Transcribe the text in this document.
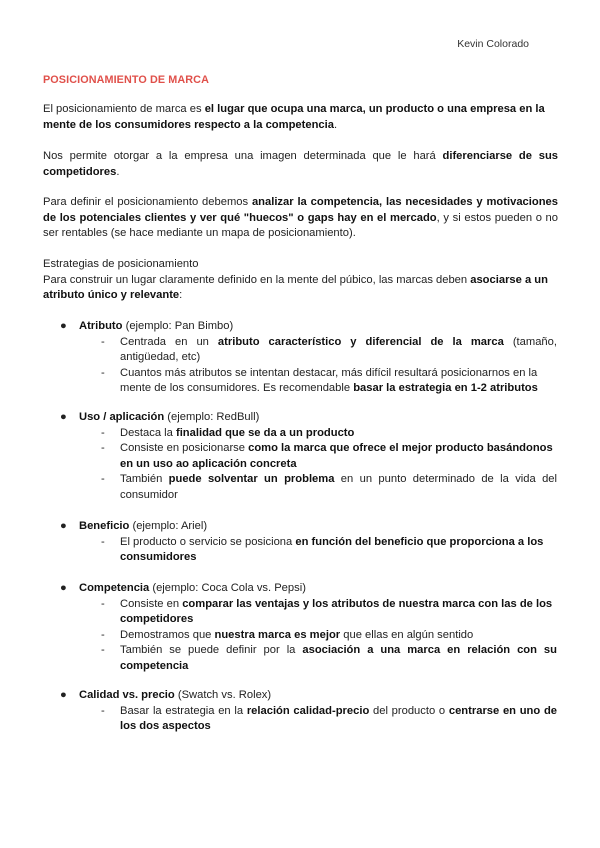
Kevin Colorado
POSICIONAMIENTO DE MARCA

El posicionamiento de marca es el lugar que ocupa una marca, un producto o una empresa en la mente de los consumidores respecto a la competencia.

Nos permite otorgar a la empresa una imagen determinada que le hará diferenciarse de sus competidores.

Para definir el posicionamiento debemos analizar la competencia, las necesidades y motivaciones de los potenciales clientes y ver qué "huecos" o gaps hay en el mercado, y si estos pueden o no ser rentables (se hace mediante un mapa de posicionamiento).

Estrategias de posicionamiento
Para construir un lugar claramente definido en la mente del púbico, las marcas deben asociarse a un atributo único y relevante:
● Atributo (ejemplo: Pan Bimbo)
- Centrada en un atributo característico y diferencial de la marca (tamaño, antigüedad, etc)
- Cuantos más atributos se intentan destacar, más difícil resultará posicionarnos en la mente de los consumidores. Es recomendable basar la estrategia en 1-2 atributos
● Uso / aplicación (ejemplo: RedBull)
- Destaca la finalidad que se da a un producto
- Consiste en posicionarse como la marca que ofrece el mejor producto basándonos en un uso ao aplicación concreta
- También puede solventar un problema en un punto determinado de la vida del consumidor
● Beneficio (ejemplo: Ariel)
- El producto o servicio se posiciona en función del beneficio que proporciona a los consumidores
● Competencia (ejemplo: Coca Cola vs. Pepsi)
- Consiste en comparar las ventajas y los atributos de nuestra marca con las de los competidores
- Demostramos que nuestra marca es mejor que ellas en algún sentido
- También se puede definir por la asociación a una marca en relación con su competencia
● Calidad vs. precio (Swatch vs. Rolex)
- Basar la estrategia en la relación calidad-precio del producto o centrarse en uno de los dos aspectos
